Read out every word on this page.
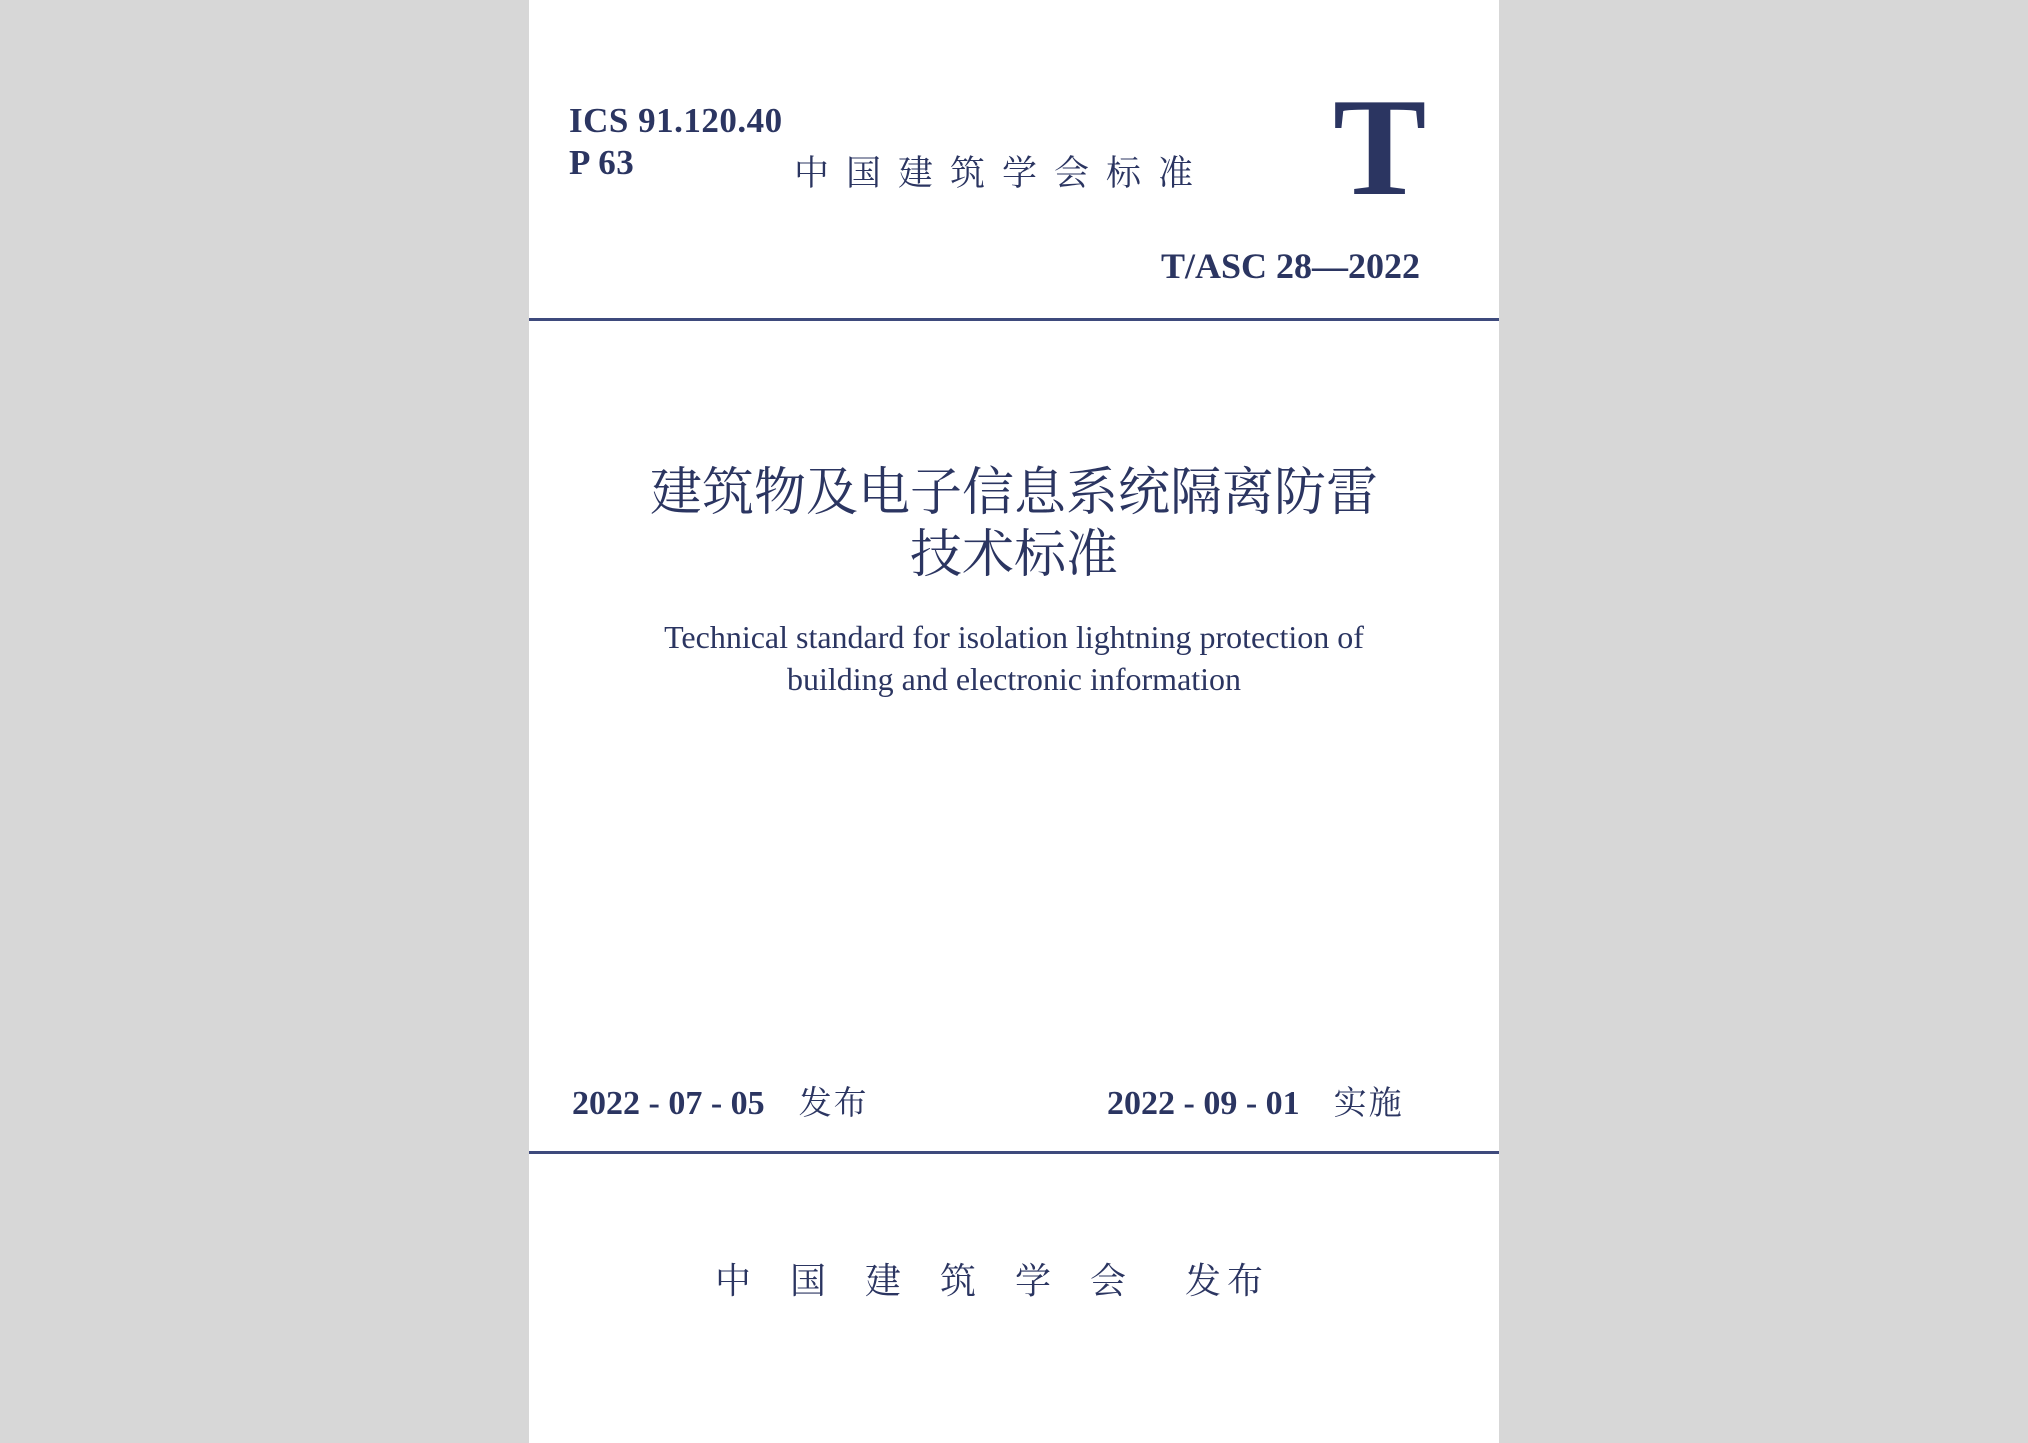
ICS 91.120.40
P 63	中国建筑学会标准 T
T/ASC 28—2022
建筑物及电子信息系统隔离防雷
技术标准
Technical standard for isolation lightning protection of
building and electronic information
2022 - 07 - 05 发布	2022 - 09 - 01 实施
中国建筑学会 发布
